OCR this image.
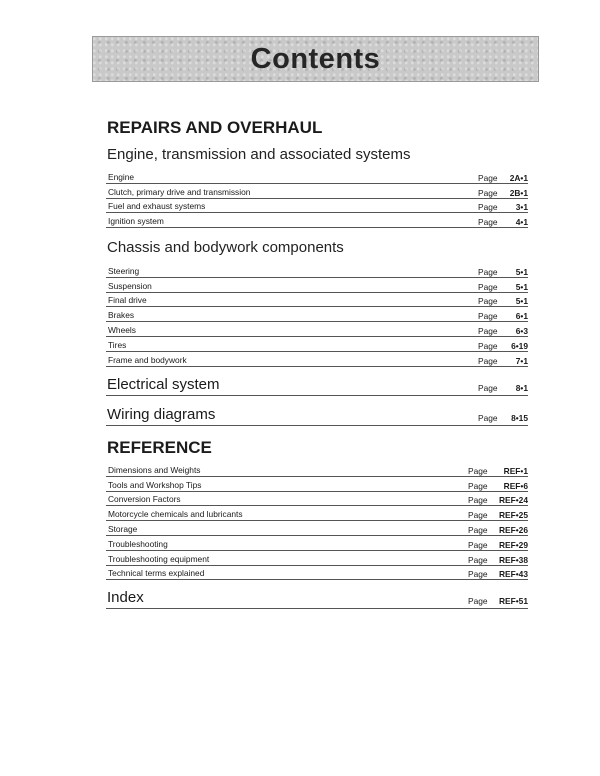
Contents
REPAIRS AND OVERHAUL
Engine, transmission and associated systems
Engine	Page 2A•1
Clutch, primary drive and transmission	Page 2B•1
Fuel and exhaust systems	Page 3•1
Ignition system	Page 4•1
Chassis and bodywork components
Steering	Page 5•1
Suspension	Page 5•1
Final drive	Page 5•1
Brakes	Page 6•1
Wheels	Page 6•3
Tires	Page 6•19
Frame and bodywork	Page 7•1
Electrical system	Page 8•1
Wiring diagrams	Page 8•15
REFERENCE
Dimensions and Weights	Page REF•1
Tools and Workshop Tips	Page REF•6
Conversion Factors	Page REF•24
Motorcycle chemicals and lubricants	Page REF•25
Storage	Page REF•26
Troubleshooting	Page REF•29
Troubleshooting equipment	Page REF•38
Technical terms explained	Page REF•43
Index	Page REF•51
